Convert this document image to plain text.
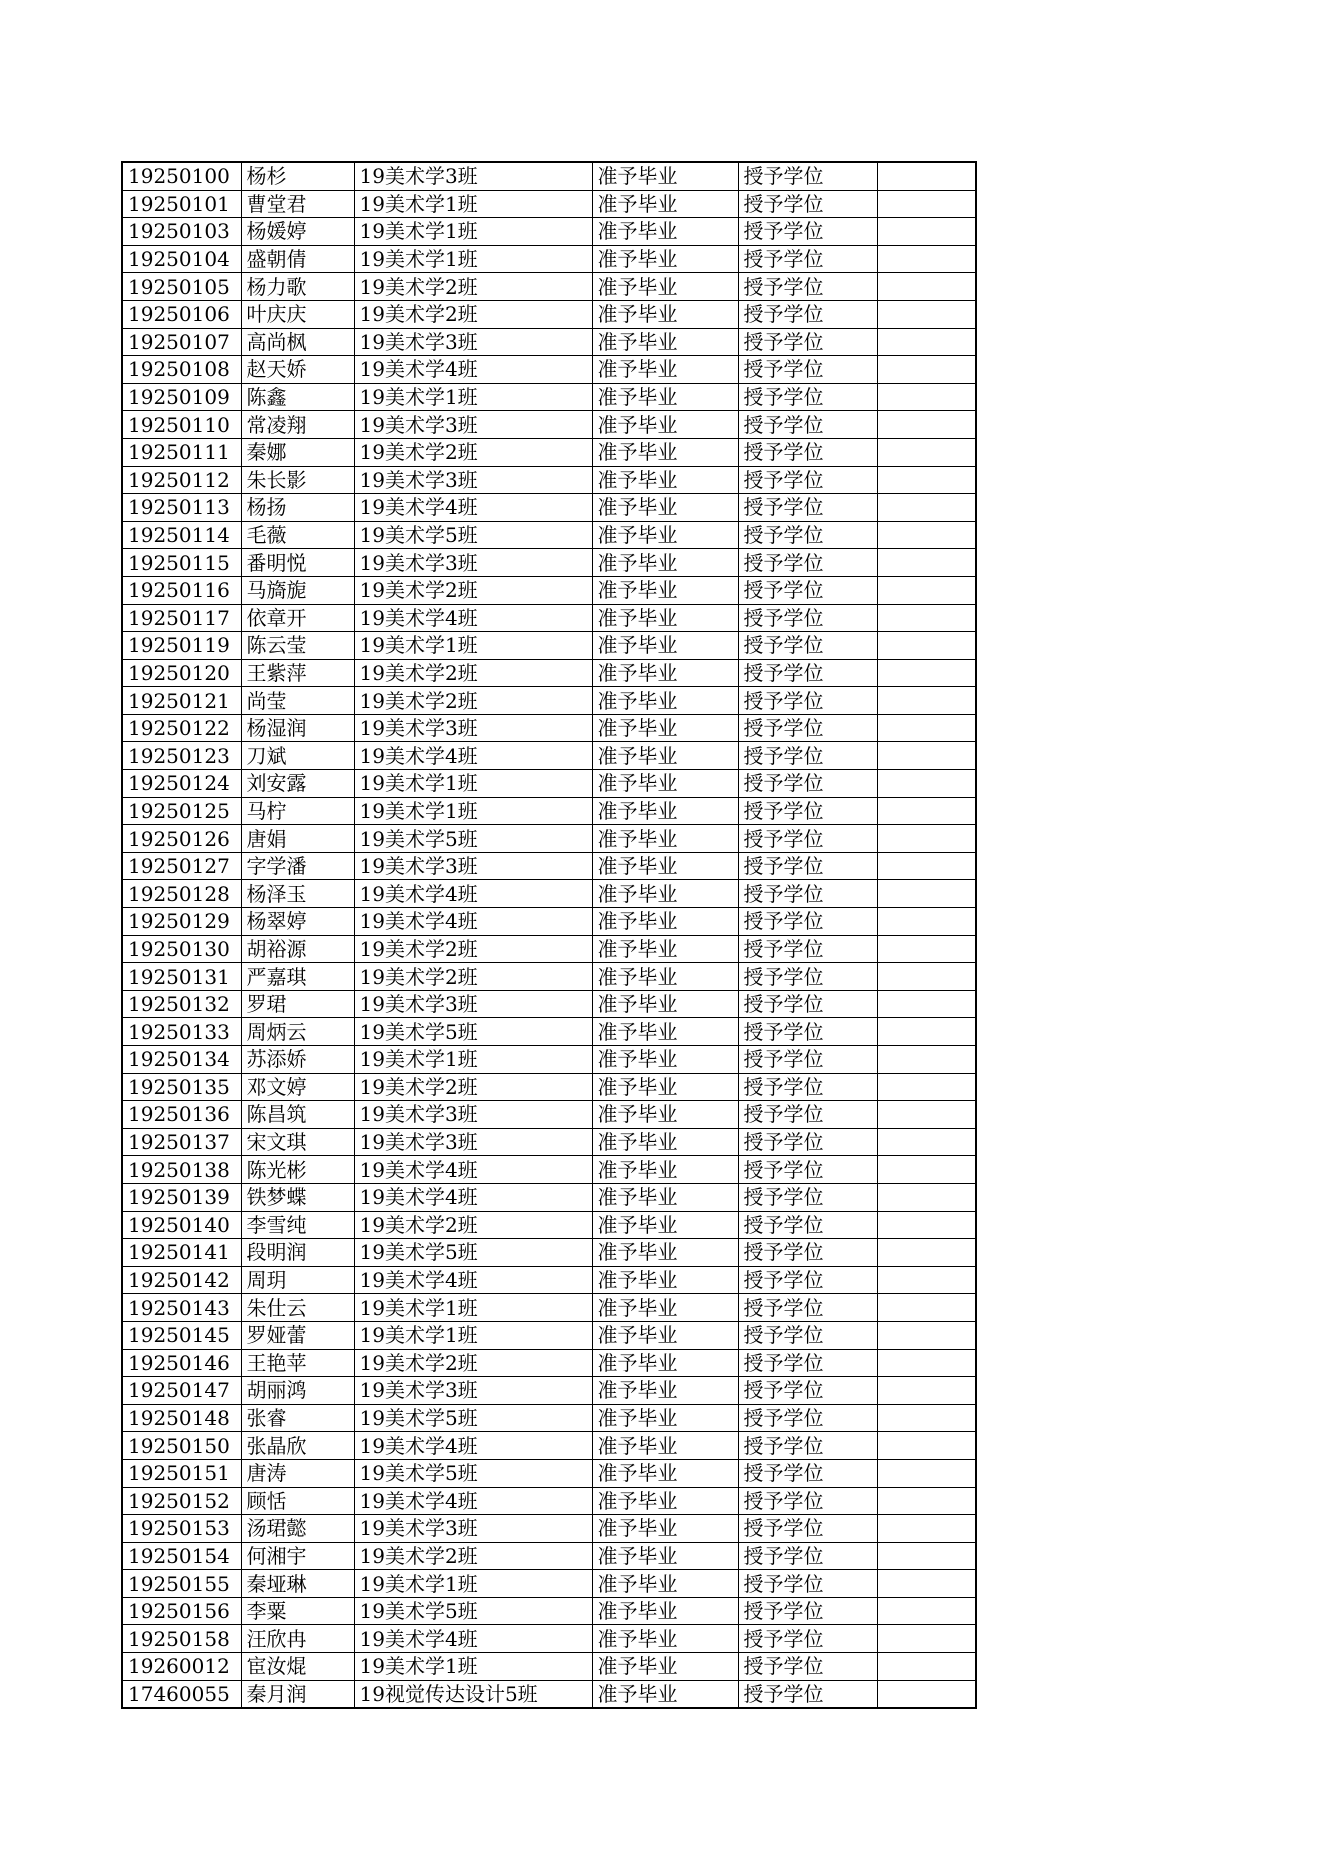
19250100	杨杉	19美术学3班	准予毕业	授予学位	
19250101	曹堂君	19美术学1班	准予毕业	授予学位	
19250103	杨媛婷	19美术学1班	准予毕业	授予学位	
19250104	盛朝倩	19美术学1班	准予毕业	授予学位	
19250105	杨力歌	19美术学2班	准予毕业	授予学位	
19250106	叶庆庆	19美术学2班	准予毕业	授予学位	
19250107	高尚枫	19美术学3班	准予毕业	授予学位	
19250108	赵天娇	19美术学4班	准予毕业	授予学位	
19250109	陈鑫	19美术学1班	准予毕业	授予学位	
19250110	常凌翔	19美术学3班	准予毕业	授予学位	
19250111	秦娜	19美术学2班	准予毕业	授予学位	
19250112	朱长影	19美术学3班	准予毕业	授予学位	
19250113	杨扬	19美术学4班	准予毕业	授予学位	
19250114	毛薇	19美术学5班	准予毕业	授予学位	
19250115	番明悦	19美术学3班	准予毕业	授予学位	
19250116	马旖旎	19美术学2班	准予毕业	授予学位	
19250117	依章开	19美术学4班	准予毕业	授予学位	
19250119	陈云莹	19美术学1班	准予毕业	授予学位	
19250120	王紫萍	19美术学2班	准予毕业	授予学位	
19250121	尚莹	19美术学2班	准予毕业	授予学位	
19250122	杨湿润	19美术学3班	准予毕业	授予学位	
19250123	刀斌	19美术学4班	准予毕业	授予学位	
19250124	刘安露	19美术学1班	准予毕业	授予学位	
19250125	马柠	19美术学1班	准予毕业	授予学位	
19250126	唐娟	19美术学5班	准予毕业	授予学位	
19250127	字学潘	19美术学3班	准予毕业	授予学位	
19250128	杨泽玉	19美术学4班	准予毕业	授予学位	
19250129	杨翠婷	19美术学4班	准予毕业	授予学位	
19250130	胡裕源	19美术学2班	准予毕业	授予学位	
19250131	严嘉琪	19美术学2班	准予毕业	授予学位	
19250132	罗珺	19美术学3班	准予毕业	授予学位	
19250133	周炳云	19美术学5班	准予毕业	授予学位	
19250134	苏添娇	19美术学1班	准予毕业	授予学位	
19250135	邓文婷	19美术学2班	准予毕业	授予学位	
19250136	陈昌筑	19美术学3班	准予毕业	授予学位	
19250137	宋文琪	19美术学3班	准予毕业	授予学位	
19250138	陈光彬	19美术学4班	准予毕业	授予学位	
19250139	铁梦蝶	19美术学4班	准予毕业	授予学位	
19250140	李雪纯	19美术学2班	准予毕业	授予学位	
19250141	段明润	19美术学5班	准予毕业	授予学位	
19250142	周玥	19美术学4班	准予毕业	授予学位	
19250143	朱仕云	19美术学1班	准予毕业	授予学位	
19250145	罗娅蕾	19美术学1班	准予毕业	授予学位	
19250146	王艳苹	19美术学2班	准予毕业	授予学位	
19250147	胡丽鸿	19美术学3班	准予毕业	授予学位	
19250148	张睿	19美术学5班	准予毕业	授予学位	
19250150	张晶欣	19美术学4班	准予毕业	授予学位	
19250151	唐涛	19美术学5班	准予毕业	授予学位	
19250152	顾恬	19美术学4班	准予毕业	授予学位	
19250153	汤珺懿	19美术学3班	准予毕业	授予学位	
19250154	何湘宇	19美术学2班	准予毕业	授予学位	
19250155	秦垭琳	19美术学1班	准予毕业	授予学位	
19250156	李粟	19美术学5班	准予毕业	授予学位	
19250158	汪欣冉	19美术学4班	准予毕业	授予学位	
19260012	宦汝焜	19美术学1班	准予毕业	授予学位	
17460055	秦月润	19视觉传达设计5班	准予毕业	授予学位	
